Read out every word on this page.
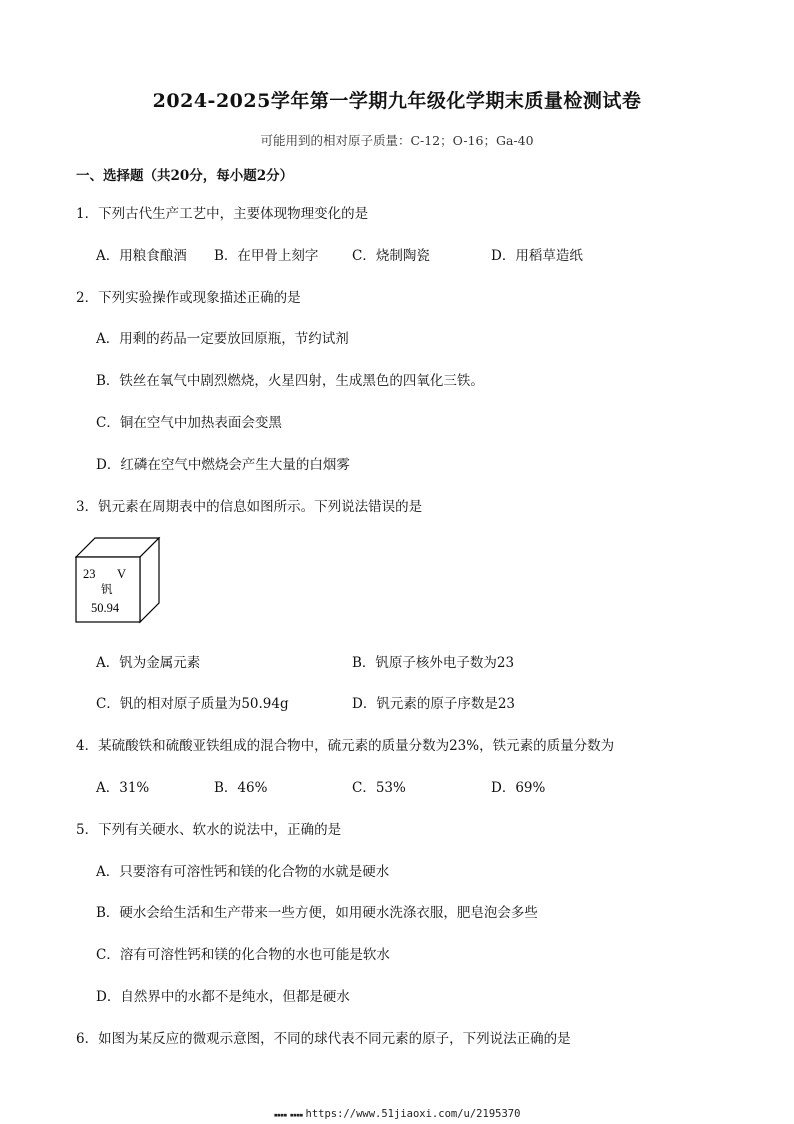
2024-2025学年第一学期九年级化学期末质量检测试卷
可能用到的相对原子质量：C-12；O-16；Ga-40
一、选择题（共20分，每小题2分）
1．下列古代生产工艺中，主要体现物理变化的是
A．用粮食酿酒 B．在甲骨上刻字 C．烧制陶瓷	D．用稻草造纸
2．下列实验操作或现象描述正确的是
A．用剩的药品一定要放回原瓶，节约试剂
B．铁丝在氧气中剧烈燃烧，火星四射，生成黑色的四氧化三铁。
C．铜在空气中加热表面会变黑
D．红磷在空气中燃烧会产生大量的白烟雾
3．钒元素在周期表中的信息如图所示。下列说法错误的是
23 V
钒
50.94
A．钒为金属元素	B．钒原子核外电子数为23
C．钒的相对原子质量为50.94g	D．钒元素的原子序数是23
4．某硫酸铁和硫酸亚铁组成的混合物中，硫元素的质量分数为23%，铁元素的质量分数为
A．31%	B．46%	C．53%	D．69%
5．下列有关硬水、软水的说法中，正确的是
A．只要溶有可溶性钙和镁的化合物的水就是硬水
B．硬水会给生活和生产带来一些方便，如用硬水洗涤衣服，肥皂泡会多些
C．溶有可溶性钙和镁的化合物的水也可能是软水
D．自然界中的水都不是纯水，但都是硬水
6．如图为某反应的微观示意图，不同的球代表不同元素的原子，下列说法正确的是
▪▪▪▪ ▪▪▪▪ https://www.51jiaoxi.com/u/2195370
